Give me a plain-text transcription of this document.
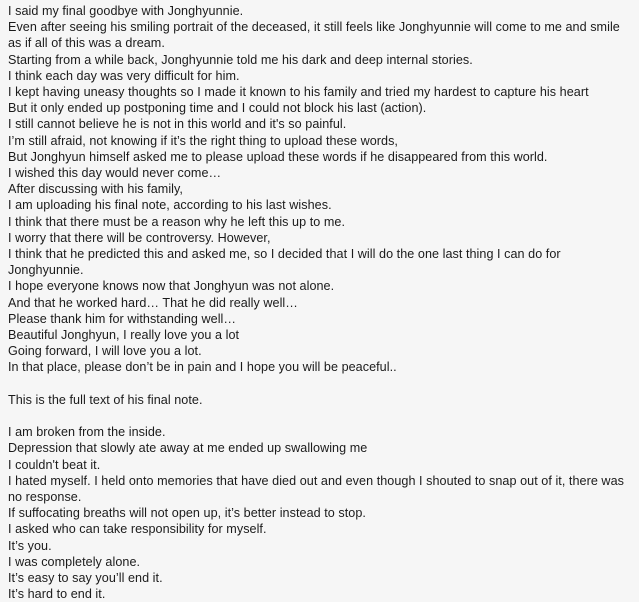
I said my final goodbye with Jonghyunnie.
Even after seeing his smiling portrait of the deceased, it still feels like Jonghyunnie will come to me and smile as if all of this was a dream.
Starting from a while back, Jonghyunnie told me his dark and deep internal stories.
I think each day was very difficult for him.
I kept having uneasy thoughts so I made it known to his family and tried my hardest to capture his heart
But it only ended up postponing time and I could not block his last (action).
I still cannot believe he is not in this world and it's so painful.
I’m still afraid, not knowing if it’s the right thing to upload these words,
But Jonghyun himself asked me to please upload these words if he disappeared from this world.
I wished this day would never come…
After discussing with his family,
I am uploading his final note, according to his last wishes.
I think that there must be a reason why he left this up to me.
I worry that there will be controversy. However,
I think that he predicted this and asked me, so I decided that I will do the one last thing I can do for Jonghyunnie.
I hope everyone knows now that Jonghyun was not alone.
And that he worked hard… That he did really well…
Please thank him for withstanding well…
Beautiful Jonghyun, I really love you a lot
Going forward, I will love you a lot.
In that place, please don’t be in pain and I hope you will be peaceful..
This is the full text of his final note.
I am broken from the inside.
Depression that slowly ate away at me ended up swallowing me
I couldn't beat it.
I hated myself. I held onto memories that have died out and even though I shouted to snap out of it, there was no response.
If suffocating breaths will not open up, it’s better instead to stop.
I asked who can take responsibility for myself.
It’s you.
I was completely alone.
It’s easy to say you’ll end it.
It’s hard to end it.
